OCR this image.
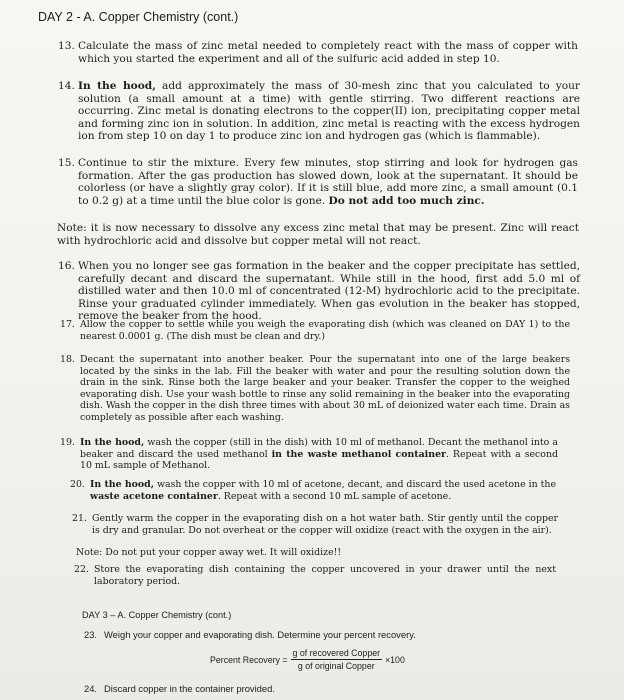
DAY 2 - A. Copper Chemistry (cont.)
13. Calculate the mass of zinc metal needed to completely react with the mass of copper with which you started the experiment and all of the sulfuric acid added in step 10.
14. In the hood, add approximately the mass of 30-mesh zinc that you calculated to your solution (a small amount at a time) with gentle stirring. Two different reactions are occurring. Zinc metal is donating electrons to the copper(II) ion, precipitating copper metal and forming zinc ion in solution. In addition, zinc metal is reacting with the excess hydrogen ion from step 10 on day 1 to produce zinc ion and hydrogen gas (which is flammable).
15. Continue to stir the mixture. Every few minutes, stop stirring and look for hydrogen gas formation. After the gas production has slowed down, look at the supernatant. It should be colorless (or have a slightly gray color). If it is still blue, add more zinc, a small amount (0.1 to 0.2 g) at a time until the blue color is gone. Do not add too much zinc.
Note: it is now necessary to dissolve any excess zinc metal that may be present. Zinc will react with hydrochloric acid and dissolve but copper metal will not react.
16. When you no longer see gas formation in the beaker and the copper precipitate has settled, carefully decant and discard the supernatant. While still in the hood, first add 5.0 ml of distilled water and then 10.0 ml of concentrated (12-M) hydrochloric acid to the precipitate. Rinse your graduated cylinder immediately. When gas evolution in the beaker has stopped, remove the beaker from the hood.
17. Allow the copper to settle while you weigh the evaporating dish (which was cleaned on DAY 1) to the nearest 0.0001 g. (The dish must be clean and dry.)
18. Decant the supernatant into another beaker. Pour the supernatant into one of the large beakers located by the sinks in the lab. Fill the beaker with water and pour the resulting solution down the drain in the sink. Rinse both the large beaker and your beaker. Transfer the copper to the weighed evaporating dish. Use your wash bottle to rinse any solid remaining in the beaker into the evaporating dish. Wash the copper in the dish three times with about 30 mL of deionized water each time. Drain as completely as possible after each washing.
19. In the hood, wash the copper (still in the dish) with 10 ml of methanol. Decant the methanol into a beaker and discard the used methanol in the waste methanol container. Repeat with a second 10 mL sample of Methanol.
20. In the hood, wash the copper with 10 ml of acetone, decant, and discard the used acetone in the waste acetone container. Repeat with a second 10 mL sample of acetone.
21. Gently warm the copper in the evaporating dish on a hot water bath. Stir gently until the copper is dry and granular. Do not overheat or the copper will oxidize (react with the oxygen in the air).
Note: Do not put your copper away wet. It will oxidize!!
22. Store the evaporating dish containing the copper uncovered in your drawer until the next laboratory period.
DAY 3 – A. Copper Chemistry (cont.)
23. Weigh your copper and evaporating dish. Determine your percent recovery.
Percent Recovery = $\frac{\text{g of recovered Copper}}{\text{g of original Copper}} \times 100$
24. Discard copper in the container provided.
